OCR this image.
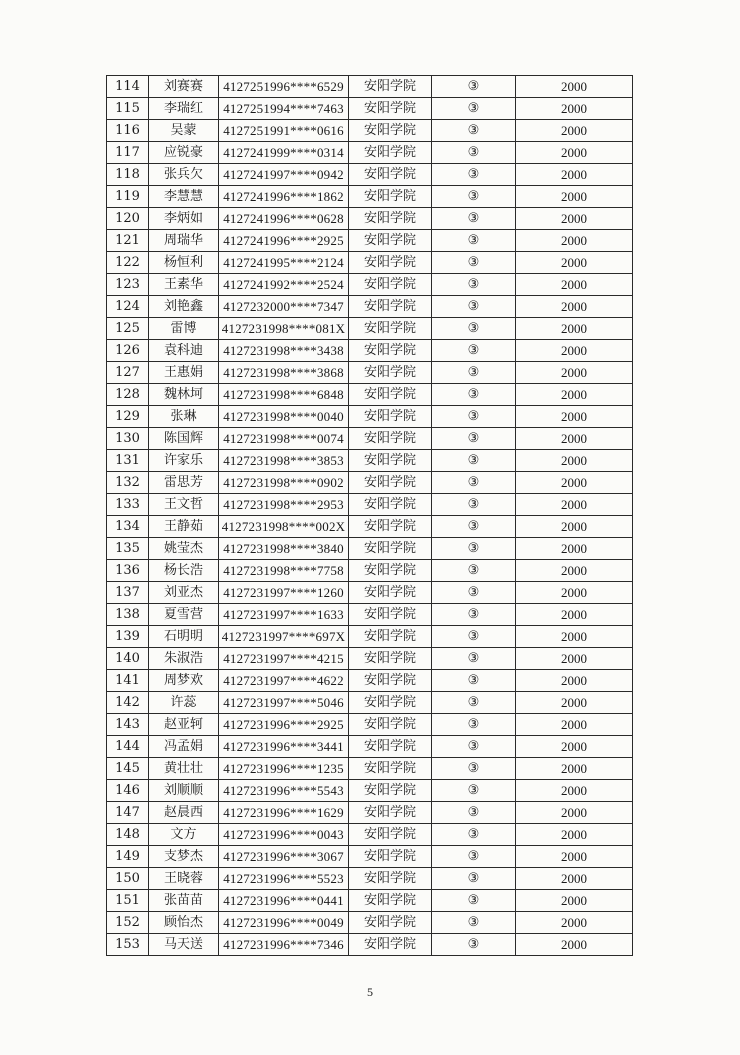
114	刘赛赛	4127251996****6529	安阳学院	③	2000
115	李瑞红	4127251994****7463	安阳学院	③	2000
116	吴蒙	4127251991****0616	安阳学院	③	2000
117	应锐豪	4127241999****0314	安阳学院	③	2000
118	张兵欠	4127241997****0942	安阳学院	③	2000
119	李慧慧	4127241996****1862	安阳学院	③	2000
120	李炳如	4127241996****0628	安阳学院	③	2000
121	周瑞华	4127241996****2925	安阳学院	③	2000
122	杨恒利	4127241995****2124	安阳学院	③	2000
123	王素华	4127241992****2524	安阳学院	③	2000
124	刘艳鑫	4127232000****7347	安阳学院	③	2000
125	雷博	4127231998****081X	安阳学院	③	2000
126	袁科迪	4127231998****3438	安阳学院	③	2000
127	王惠娟	4127231998****3868	安阳学院	③	2000
128	魏林坷	4127231998****6848	安阳学院	③	2000
129	张琳	4127231998****0040	安阳学院	③	2000
130	陈国辉	4127231998****0074	安阳学院	③	2000
131	许家乐	4127231998****3853	安阳学院	③	2000
132	雷思芳	4127231998****0902	安阳学院	③	2000
133	王文哲	4127231998****2953	安阳学院	③	2000
134	王静茹	4127231998****002X	安阳学院	③	2000
135	姚莹杰	4127231998****3840	安阳学院	③	2000
136	杨长浩	4127231998****7758	安阳学院	③	2000
137	刘亚杰	4127231997****1260	安阳学院	③	2000
138	夏雪营	4127231997****1633	安阳学院	③	2000
139	石明明	4127231997****697X	安阳学院	③	2000
140	朱淑浩	4127231997****4215	安阳学院	③	2000
141	周梦欢	4127231997****4622	安阳学院	③	2000
142	许蕊	4127231997****5046	安阳学院	③	2000
143	赵亚轲	4127231996****2925	安阳学院	③	2000
144	冯孟娟	4127231996****3441	安阳学院	③	2000
145	黄壮壮	4127231996****1235	安阳学院	③	2000
146	刘顺顺	4127231996****5543	安阳学院	③	2000
147	赵晨西	4127231996****1629	安阳学院	③	2000
148	文方	4127231996****0043	安阳学院	③	2000
149	支梦杰	4127231996****3067	安阳学院	③	2000
150	王晓蓉	4127231996****5523	安阳学院	③	2000
151	张苗苗	4127231996****0441	安阳学院	③	2000
152	顾怡杰	4127231996****0049	安阳学院	③	2000
153	马天送	4127231996****7346	安阳学院	③	2000
5
